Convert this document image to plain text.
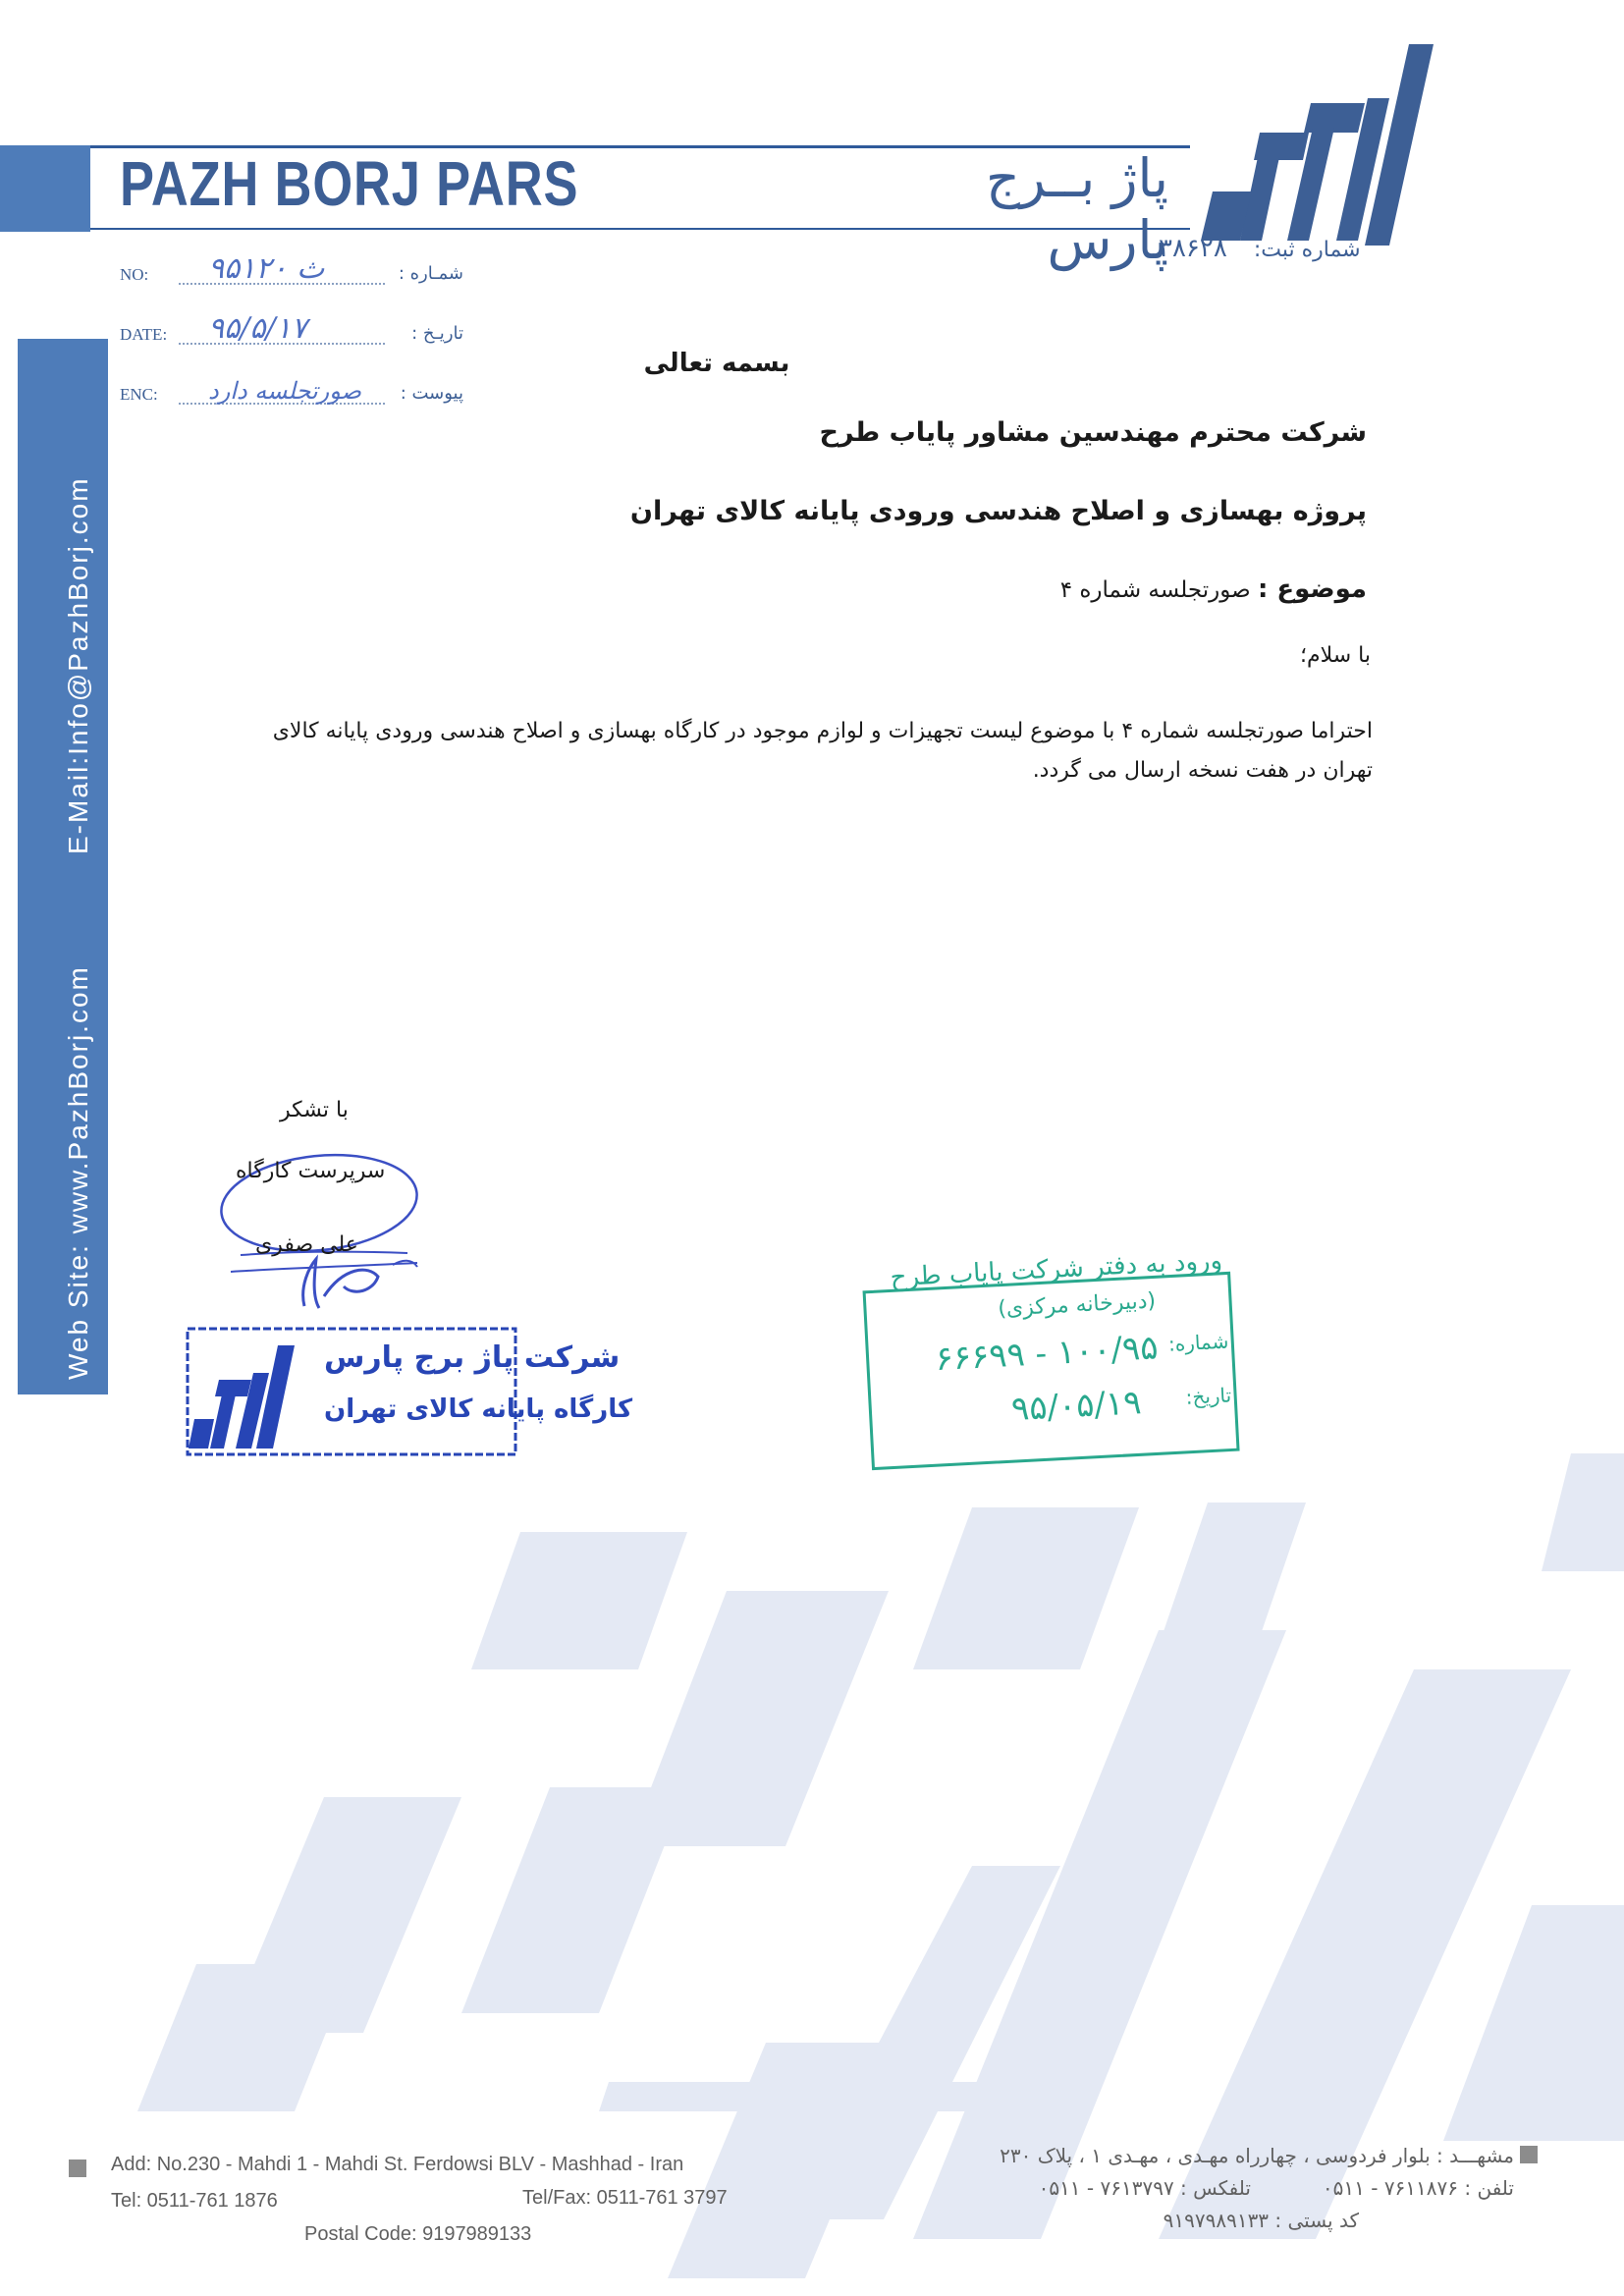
PAZH BORJ PARS	پاژ بــرج پارس	شماره ثبت: ۳۸۶۲۸
Web Site: www.PazhBorj.com
E-Mail:Info@PazhBorj.com
NO: ۹۵ث ۱۲۰	شمـاره :
DATE: ۹۵/۵/۱۷	تاریـخ :
ENC: صورتجلسه دارد پیوست :
بسمه تعالی
شرکت محترم مهندسین مشاور پایاب طرح
پروژه بهسازی و اصلاح هندسی ورودی پایانه کالای تهران
موضوع : صورتجلسه شماره ۴
با سلام؛
احتراما صورتجلسه شماره ۴ با موضوع لیست تجهیزات و لوازم موجود در کارگاه بهسازی و اصلاح هندسی ورودی پایانه کالای تهران در هفت نسخه ارسال می گردد.
با تشکر
سرپرست کارگاه
علی صفری
شرکت پاژ برج پارس
کارگاه پایانه کالای تهران
ورود به دفتر شرکت پایاب طرح
(دبیرخانه مرکزی)
شماره:
۱۰۰/۹۵ - ۶۶۶۹۹
تاریخ:
۹۵/۰۵/۱۹
Add: No.230 - Mahdi 1 - Mahdi St. Ferdowsi BLV - Mashhad - Iran
Tel: 0511-761 1876	Tel/Fax: 0511-761 3797
Postal Code: 9197989133
مشهـــد : بلوار فردوسی ، چهارراه مهـدی ، مهـدی ۱ ، پلاک ۲۳۰
تلفن : ۷۶۱۱۸۷۶ - ۰۵۱۱
تلفکس : ۷۶۱۳۷۹۷ - ۰۵۱۱
کد پستی : ۹۱۹۷۹۸۹۱۳۳
